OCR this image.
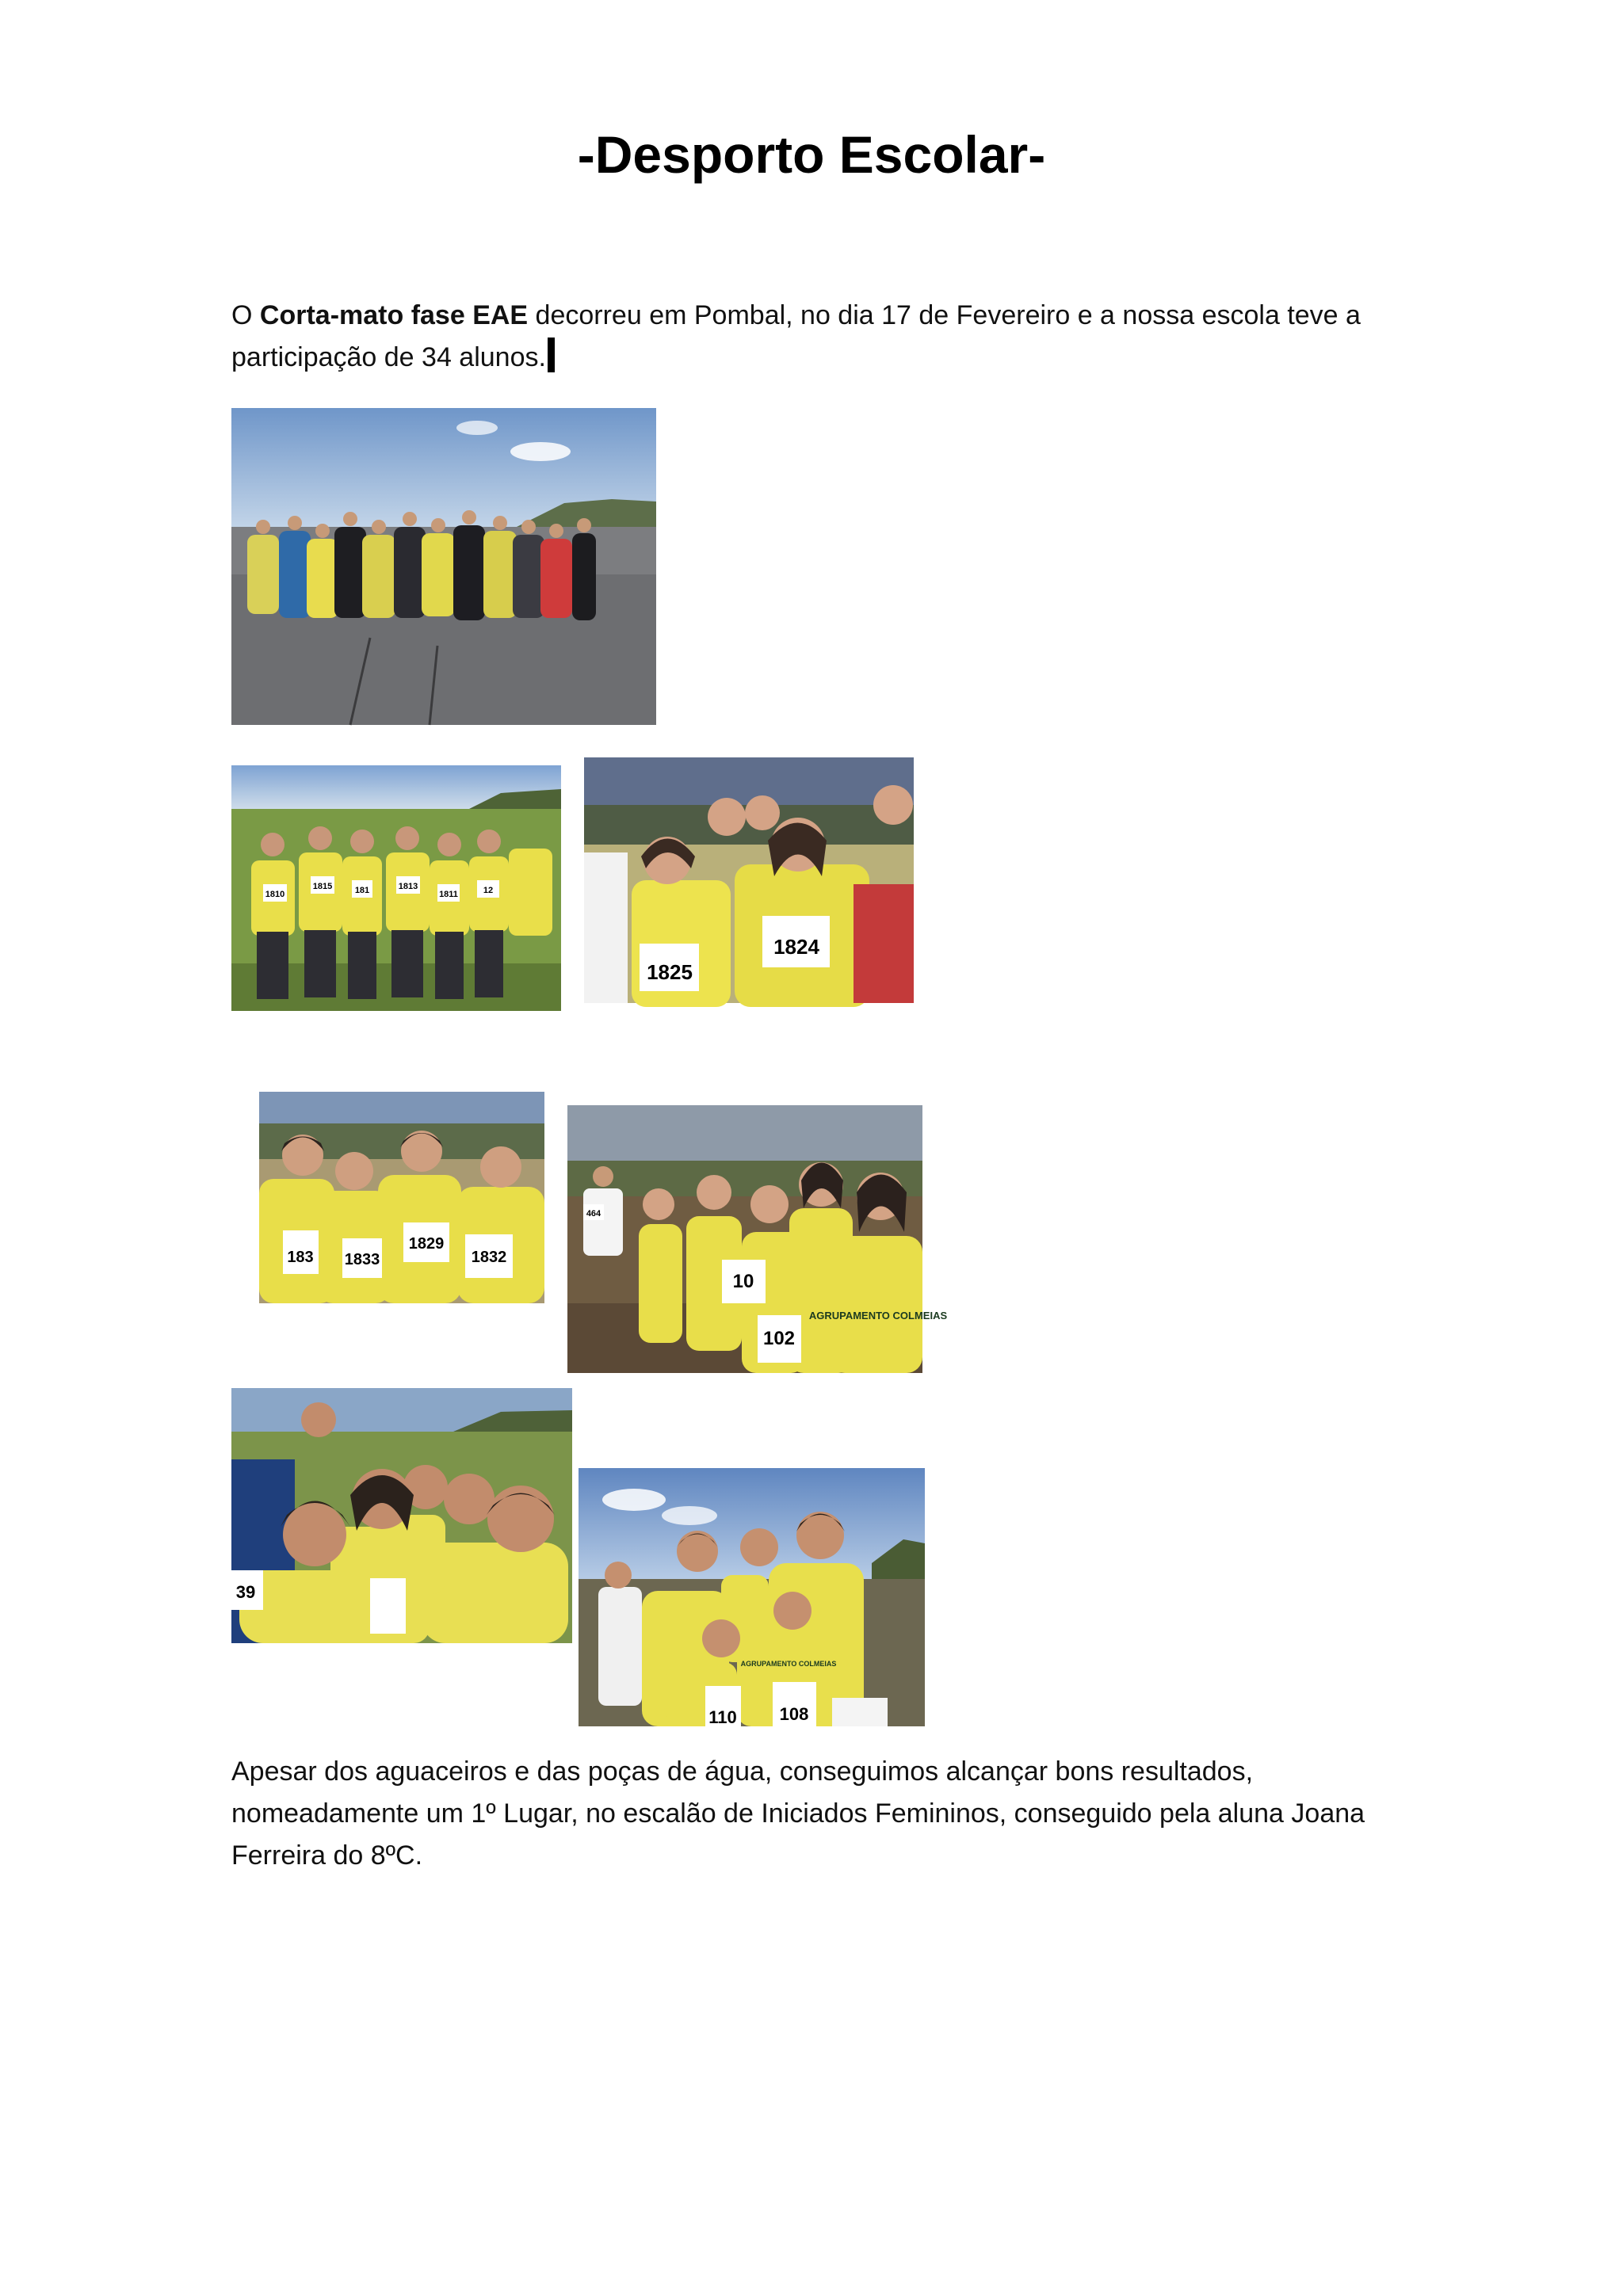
-Desporto Escolar-

O Corta-mato fase EAE decorreu em Pombal, no dia 17 de Fevereiro e a nossa escola teve a participação de 34 alunos.

1810
1815	181	1813
1811	12
1825
1824
183 1833
1829
1832
464
10
102
AGRUPAMENTO COLMEIAS
39
110 108
AGRUPAMENTO COLMEIAS

Apesar dos aguaceiros e das poças de água, conseguimos alcançar bons resultados, nomeadamente um 1º Lugar, no escalão de Iniciados Femininos, conseguido pela aluna Joana Ferreira do 8ºC.
